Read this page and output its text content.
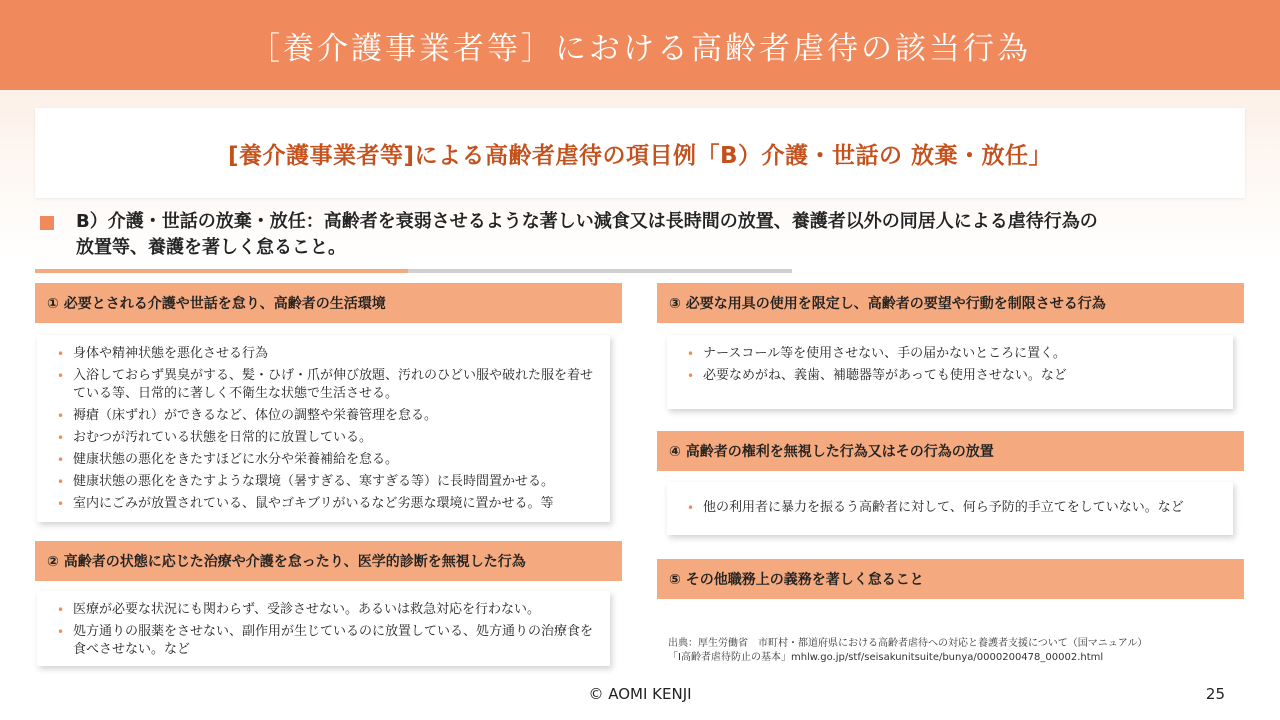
［養介護事業者等］における高齢者虐待の該当行為
[養介護事業者等]による高齢者虐待の項目例「B）介護・世話の 放棄・放任」

B）介護・世話の放棄・放任：高齢者を衰弱させるような著しい減食又は長時間の放置、養護者以外の同居人による虐待行為の
放置等、養護を著しく怠ること。

① 必要とされる介護や世話を怠り、高齢者の生活環境
• 身体や精神状態を悪化させる行為
• 入浴しておらず異臭がする、髪・ひげ・爪が伸び放題、汚れのひどい服や破れた服を着せている等、日常的に著しく不衛生な状態で生活させる。
• 褥瘡（床ずれ）ができるなど、体位の調整や栄養管理を怠る。
• おむつが汚れている状態を日常的に放置している。
• 健康状態の悪化をきたすほどに水分や栄養補給を怠る。
• 健康状態の悪化をきたすような環境（暑すぎる、寒すぎる等）に長時間置かせる。
• 室内にごみが放置されている、鼠やゴキブリがいるなど劣悪な環境に置かせる。等
② 高齢者の状態に応じた治療や介護を怠ったり、医学的診断を無視した行為
• 医療が必要な状況にも関わらず、受診させない。あるいは救急対応を行わない。
• 処方通りの服薬をさせない、副作用が生じているのに放置している、処方通りの治療食を食べさせない。など
③ 必要な用具の使用を限定し、高齢者の要望や行動を制限させる行為
• ナースコール等を使用させない、手の届かないところに置く。
• 必要なめがね、義歯、補聴器等があっても使用させない。など
④ 高齢者の権利を無視した行為又はその行為の放置
• 他の利用者に暴力を振るう高齢者に対して、何ら予防的手立てをしていない。など
⑤ その他職務上の義務を著しく怠ること
出典：厚生労働省　市町村・都道府県における高齢者虐待への対応と養護者支援について（国マニュアル）
「Ⅰ高齢者虐待防止の基本」mhlw.go.jp/stf/seisakunitsuite/bunya/0000200478_00002.html
© AOMI KENJI	25
